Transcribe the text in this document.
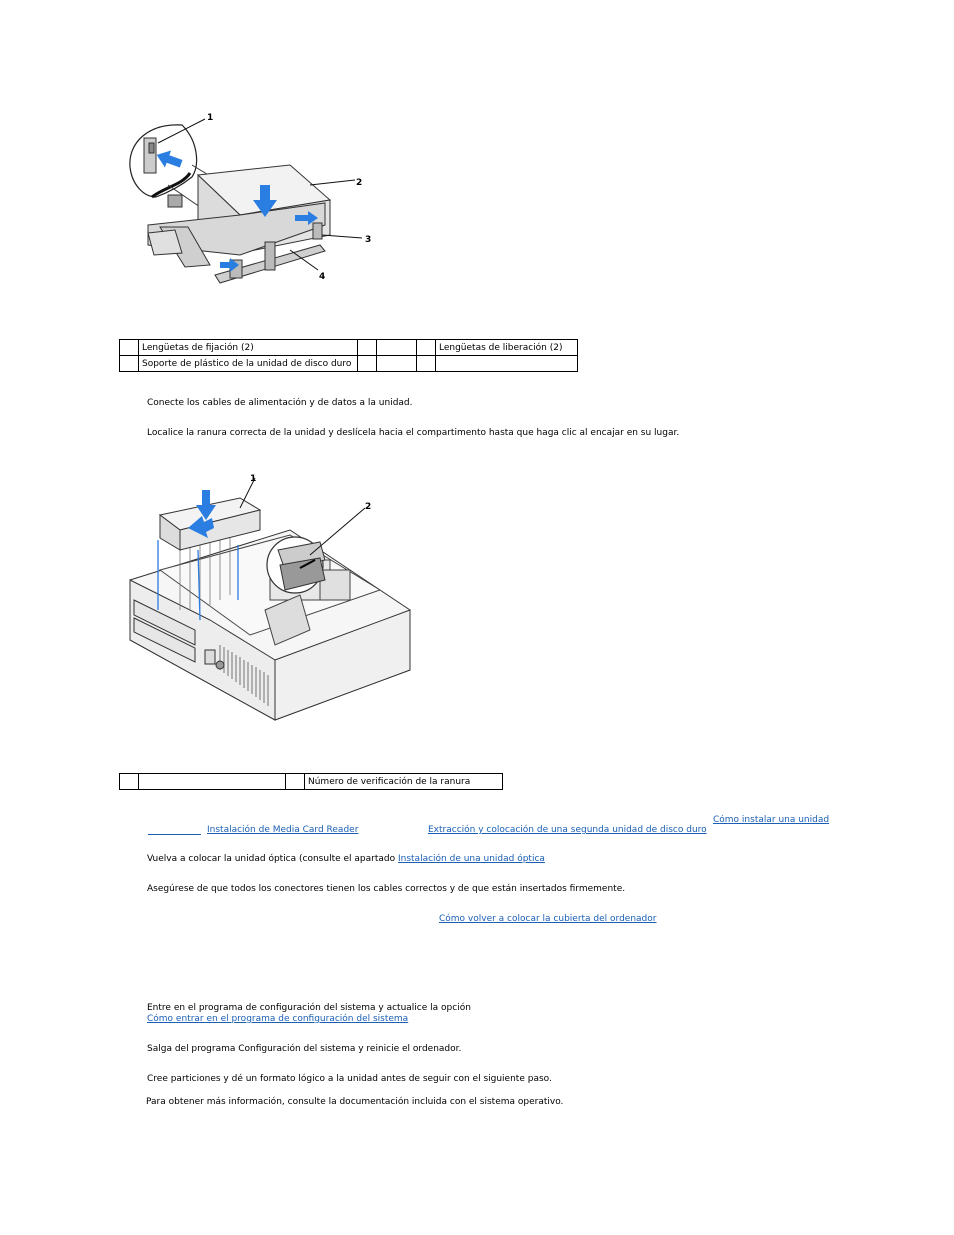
1
2
3
4
	Lengüetas de fijación (2)				Lengüetas de liberación (2)
	Soporte de plástico de la unidad de disco duro				
Conecte los cables de alimentación y de datos a la unidad.
Localice la ranura correcta de la unidad y deslícela hacia el compartimento hasta que haga clic al encajar en su lugar.
1
2
			Número de verificación de la ranura
Cómo instalar una unidad
Instalación de Media Card Reader	Extracción y colocación de una segunda unidad de disco duro
Vuelva a colocar la unidad óptica (consulte el apartado Instalación de una unidad óptica
Asegúrese de que todos los conectores tienen los cables correctos y de que están insertados firmemente.
Cómo volver a colocar la cubierta del ordenador
Entre en el programa de configuración del sistema y actualice la opción
Cómo entrar en el programa de configuración del sistema
Salga del programa Configuración del sistema y reinicie el ordenador.
Cree particiones y dé un formato lógico a la unidad antes de seguir con el siguiente paso.
Para obtener más información, consulte la documentación incluida con el sistema operativo.
